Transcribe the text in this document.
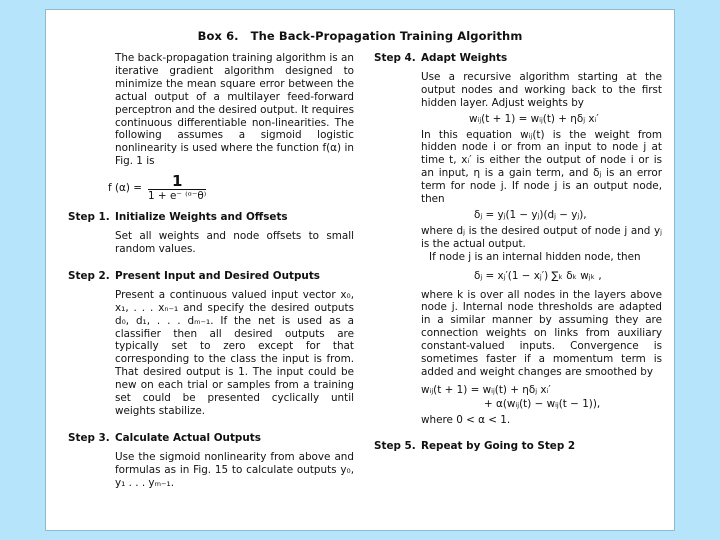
Box 6. The Back-Propagation Training Algorithm

The back-propagation training algorithm is an iterative gradient algorithm designed to minimize the mean square error between the actual output of a multilayer feed-forward perceptron and the desired output. It requires continuous differentiable non-linearities. The following assumes a sigmoid logistic nonlinearity is used where the function f(α) in Fig. 1 is

f $(\alpha) = \frac{1}{\text{1 + e⁻ ⁽ᵅ⁻θ⁾}}$
Step 1. Initialize Weights and Offsets

Set all weights and node offsets to small random values.

Step 2. Present Input and Desired Outputs

Present a continuous valued input vector x₀, x₁, . . . xₙ₋₁ and specify the desired outputs d₀, d₁, . . . dₘ₋₁. If the net is used as a classifier then all desired outputs are typically set to zero except for that corresponding to the class the input is from. That desired output is 1. The input could be new on each trial or samples from a training set could be presented cyclically until weights stabilize.

Step 3. Calculate Actual Outputs

Use the sigmoid nonlinearity from above and formulas as in Fig. 15 to calculate outputs y₀, y₁ . . . yₘ₋₁.

Step 4. Adapt Weights

Use a recursive algorithm starting at the output nodes and working back to the first hidden layer. Adjust weights by

wᵢⱼ(t + 1) = wᵢⱼ(t) + ηδⱼ xᵢ′

In this equation wᵢⱼ(t) is the weight from hidden node i or from an input to node j at time t, xᵢ′ is either the output of node i or is an input, η is a gain term, and δⱼ is an error term for node j. If node j is an output node, then

δⱼ = yⱼ(1 − yⱼ)(dⱼ − yⱼ),

where dⱼ is the desired output of node j and yⱼ is the actual output.

If node j is an internal hidden node, then

δⱼ = xⱼ′(1 − xⱼ′) ∑ₖ δₖ wⱼₖ ,

where k is over all nodes in the layers above node j. Internal node thresholds are adapted in a similar manner by assuming they are connection weights on links from auxiliary constant-valued inputs. Convergence is sometimes faster if a momentum term is added and weight changes are smoothed by

wᵢⱼ(t + 1) = wᵢⱼ(t) + ηδⱼ xᵢ′
+ α(wᵢⱼ(t) − wᵢⱼ(t − 1)),
where 0 < α < 1.
Step 5. Repeat by Going to Step 2
